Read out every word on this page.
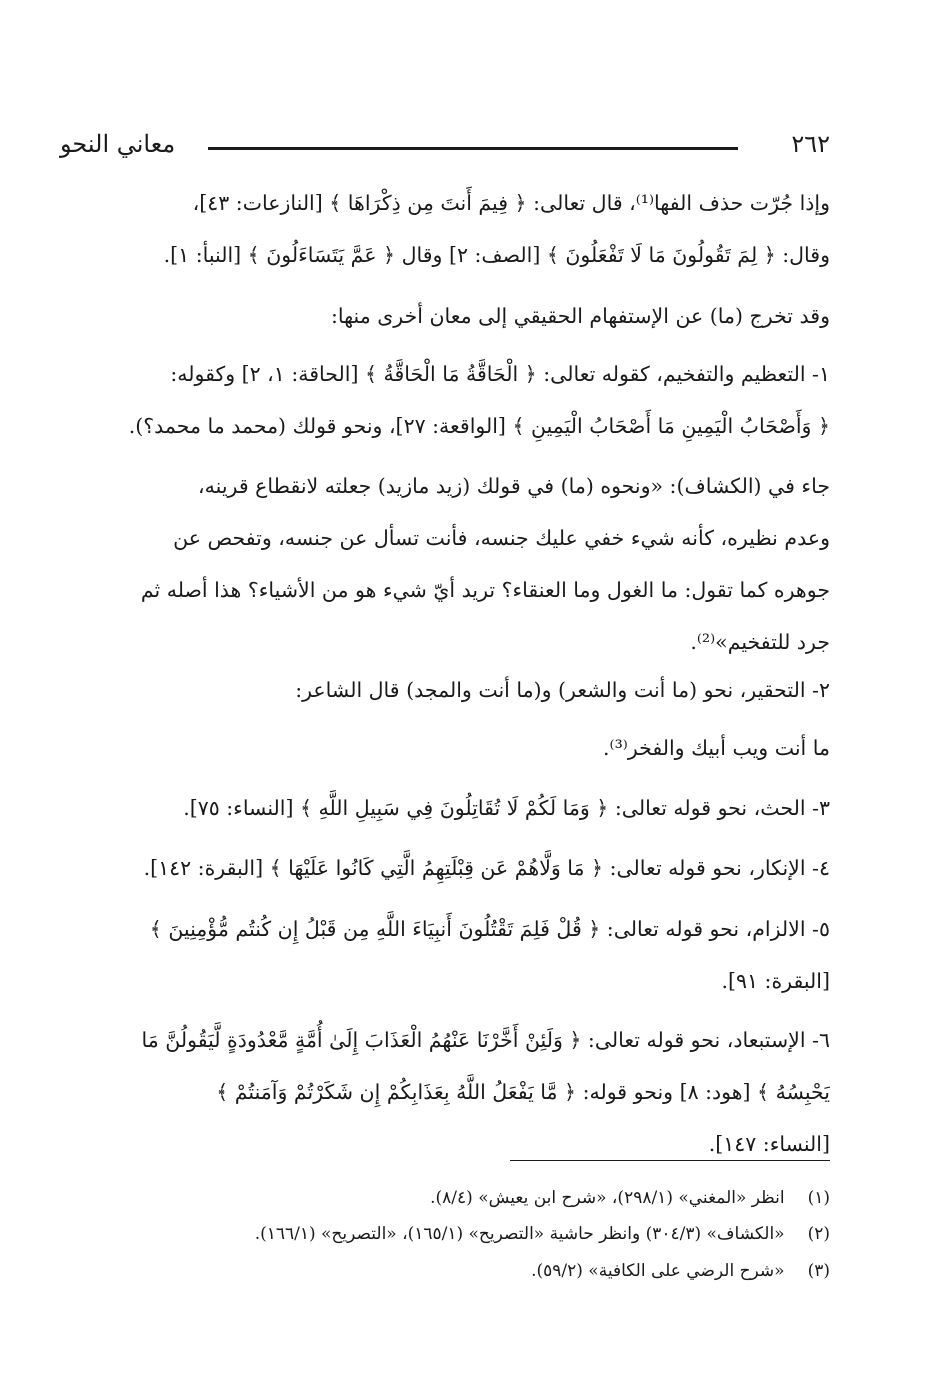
٢٦٢
معاني النحو
وإذا جُرّت حذف الفها⁽¹⁾، قال تعالى: ﴿ فِيمَ أَنتَ مِن ذِكْرَاهَا ﴾ [النازعات: ٤٣]،
وقال: ﴿ لِمَ تَقُولُونَ مَا لَا تَفْعَلُونَ ﴾ [الصف: ٢] وقال ﴿ عَمَّ يَتَسَاءَلُونَ ﴾ [النبأ: ١].
وقد تخرج (ما) عن الإستفهام الحقيقي إلى معان أخرى منها:
١- التعظيم والتفخيم، كقوله تعالى: ﴿ الْحَاقَّةُ مَا الْحَاقَّةُ ﴾ [الحاقة: ١، ٢] وكقوله:
﴿ وَأَصْحَابُ الْيَمِينِ مَا أَصْحَابُ الْيَمِينِ ﴾ [الواقعة: ٢٧]، ونحو قولك (محمد ما محمد؟).
جاء في (الكشاف): «ونحوه (ما) في قولك (زيد مازيد) جعلته لانقطاع قرينه،
وعدم نظيره، كأنه شيء خفي عليك جنسه، فأنت تسأل عن جنسه، وتفحص عن
جوهره كما تقول: ما الغول وما العنقاء؟ تريد أيّ شيء هو من الأشياء؟ هذا أصله ثم
جرد للتفخيم»⁽²⁾.
٢- التحقير، نحو (ما أنت والشعر) و(ما أنت والمجد) قال الشاعر:
ما أنت ويب أبيك والفخر⁽³⁾.
٣- الحث، نحو قوله تعالى: ﴿ وَمَا لَكُمْ لَا تُقَاتِلُونَ فِي سَبِيلِ اللَّهِ ﴾ [النساء: ٧٥].
٤- الإنكار، نحو قوله تعالى: ﴿ مَا وَلَّاهُمْ عَن قِبْلَتِهِمُ الَّتِي كَانُوا عَلَيْهَا ﴾ [البقرة: ١٤٢].
٥- الالزام، نحو قوله تعالى: ﴿ قُلْ فَلِمَ تَقْتُلُونَ أَنبِيَاءَ اللَّهِ مِن قَبْلُ إِن كُنتُم مُّؤْمِنِينَ ﴾
[البقرة: ٩١].
٦- الإستبعاد، نحو قوله تعالى: ﴿ وَلَئِنْ أَخَّرْنَا عَنْهُمُ الْعَذَابَ إِلَىٰ أُمَّةٍ مَّعْدُودَةٍ لَّيَقُولُنَّ مَا
يَحْبِسُهُ ﴾ [هود: ٨] ونحو قوله: ﴿ مَّا يَفْعَلُ اللَّهُ بِعَذَابِكُمْ إِن شَكَرْتُمْ وَآمَنتُمْ ﴾
[النساء: ١٤٧].
(١) انظر «المغني» (٢٩٨/١)، «شرح ابن يعيش» (٨/٤).
(٢) «الكشاف» (٣٠٤/٣) وانظر حاشية «التصريح» (١٦٥/١)، «التصريح» (١٦٦/١).
(٣) «شرح الرضي على الكافية» (٥٩/٢).
